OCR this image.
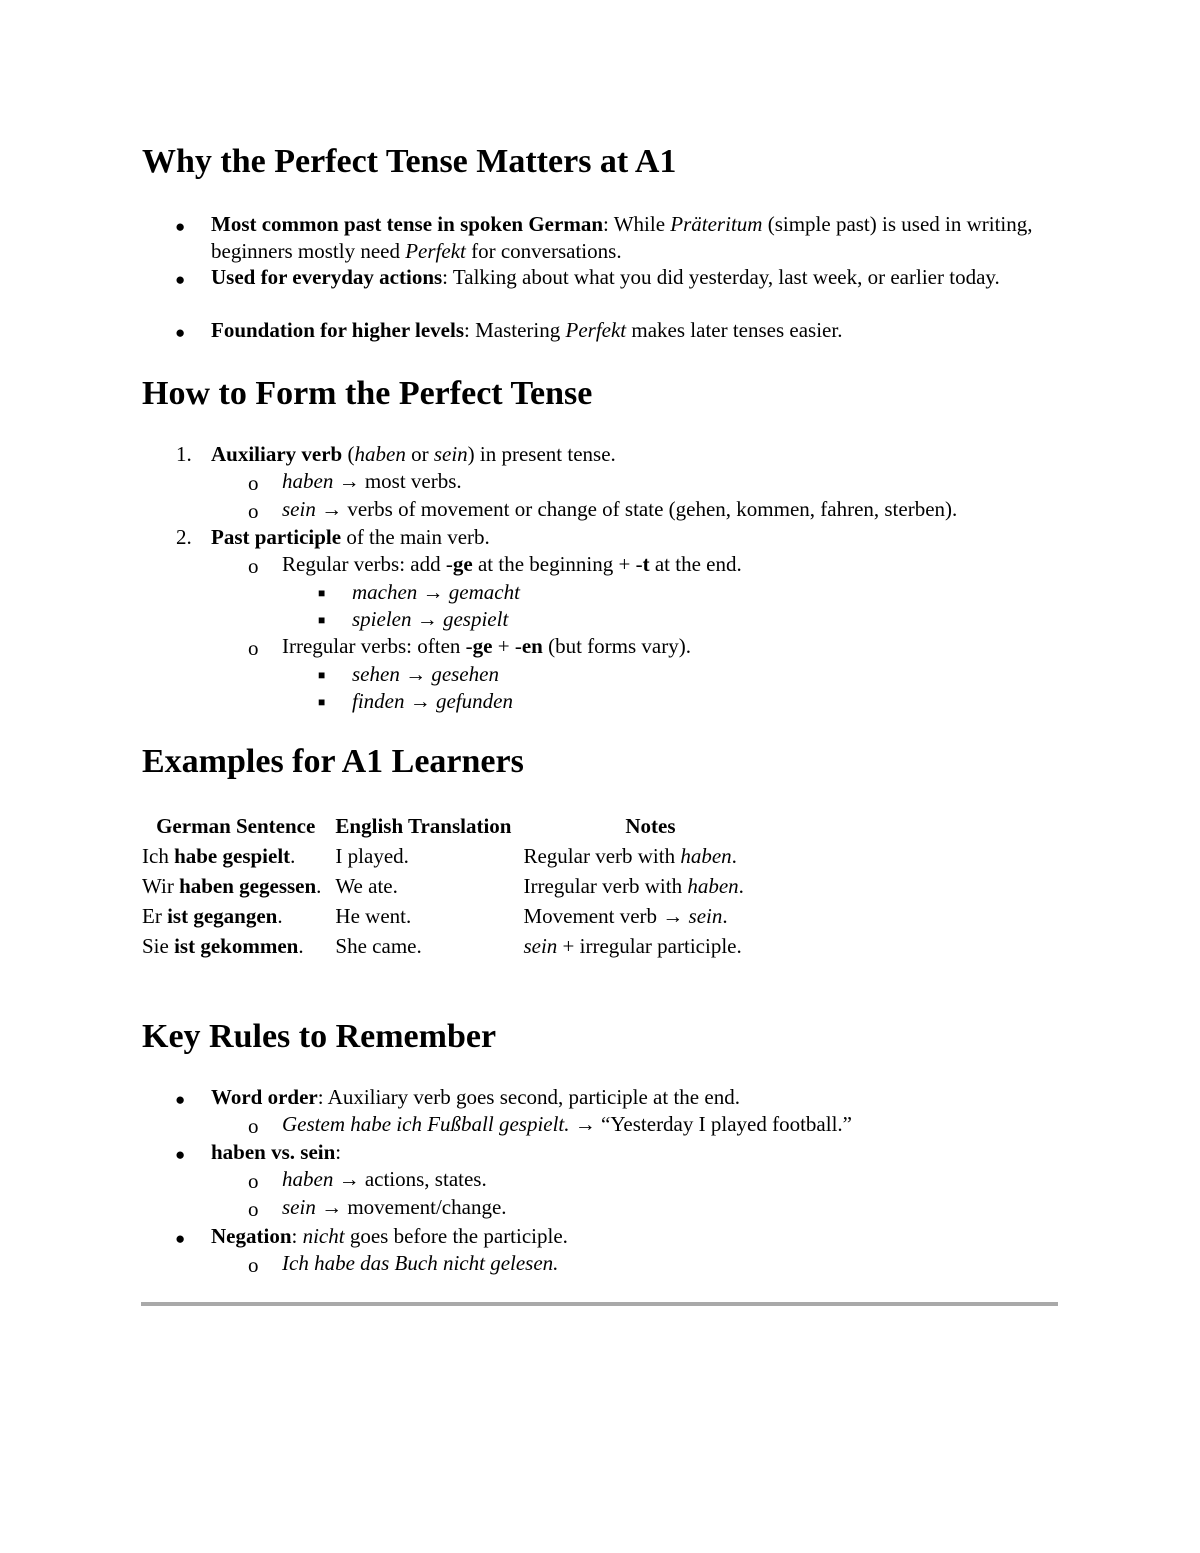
Why the Perfect Tense Matters at A1
● Most common past tense in spoken German: While Präteritum (simple past) is used in writing, beginners mostly need Perfekt for conversations.
● Used for everyday actions: Talking about what you did yesterday, last week, or earlier today.
● Foundation for higher levels: Mastering Perfekt makes later tenses easier.
How to Form the Perfect Tense
1. Auxiliary verb (haben or sein) in present tense.
o haben → most verbs.
o sein → verbs of movement or change of state (gehen, kommen, fahren, sterben).
2. Past participle of the main verb.
o Regular verbs: add -ge at the beginning + -t at the end.
■ machen → gemacht
■ spielen → gespielt
o Irregular verbs: often -ge + -en (but forms vary).
■ sehen → gesehen
■ finden → gefunden
Examples for A1 Learners
German Sentence	English Translation	Notes
Ich habe gespielt.	I played.	Regular verb with haben.
Wir haben gegessen.	We ate.	Irregular verb with haben.
Er ist gegangen.	He went.	Movement verb → sein.
Sie ist gekommen.	She came.	sein + irregular participle.
Key Rules to Remember
● Word order: Auxiliary verb goes second, participle at the end.
o Gestem habe ich Fußball gespielt. → “Yesterday I played football.”
● haben vs. sein:
o haben → actions, states.
o sein → movement/change.
● Negation: nicht goes before the participle.
o Ich habe das Buch nicht gelesen.
